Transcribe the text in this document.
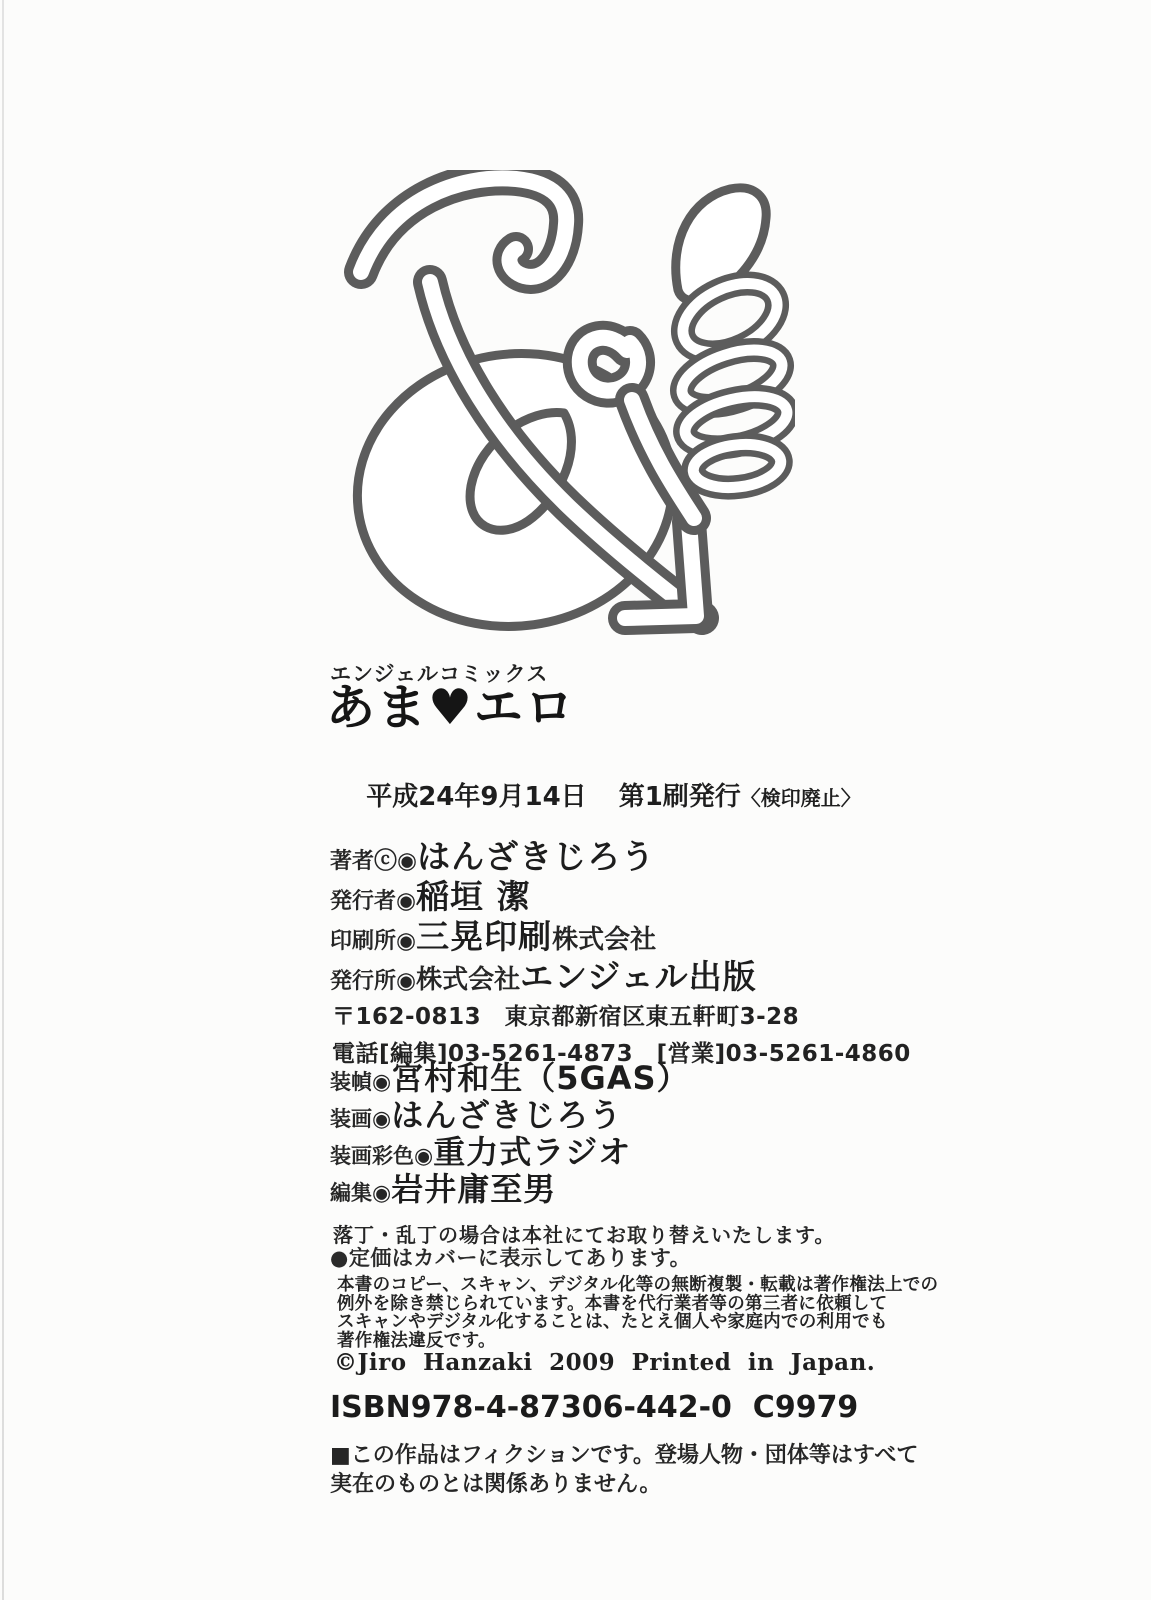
エンジェルコミックス
あま♥エロ

平成24年9月14日 第1刷発行〈検印廃止〉

著者 ⓒ◉ はんざきじろう
発行者 ◉ 稲垣 潔
印刷所 ◉ 三晃印刷 株式会社
発行所 ◉ 株式会社 エンジェル出版
〒162-0813　東京都新宿区東五軒町3-28
電話[編集]03-5261-4873　[営業]03-5261-4860
装幀 ◉ 宮村和生（5GAS）
装画 ◉ はんざきじろう
装画彩色 ◉ 重力式ラジオ
編集 ◉ 岩井庸至男
落丁・乱丁の場合は本社にてお取り替えいたします。
●定価はカバーに表示してあります。
本書のコピー、スキャン、デジタル化等の無断複製・転載は著作権法上での
例外を除き禁じられています。本書を代行業者等の第三者に依頼して
スキャンやデジタル化することは、たとえ個人や家庭内での利用でも
著作権法違反です。
©Jiro Hanzaki 2009 Printed in Japan.
ISBN978-4-87306-442-0  C9979
■この作品はフィクションです。登場人物・団体等はすべて
実在のものとは関係ありません。
